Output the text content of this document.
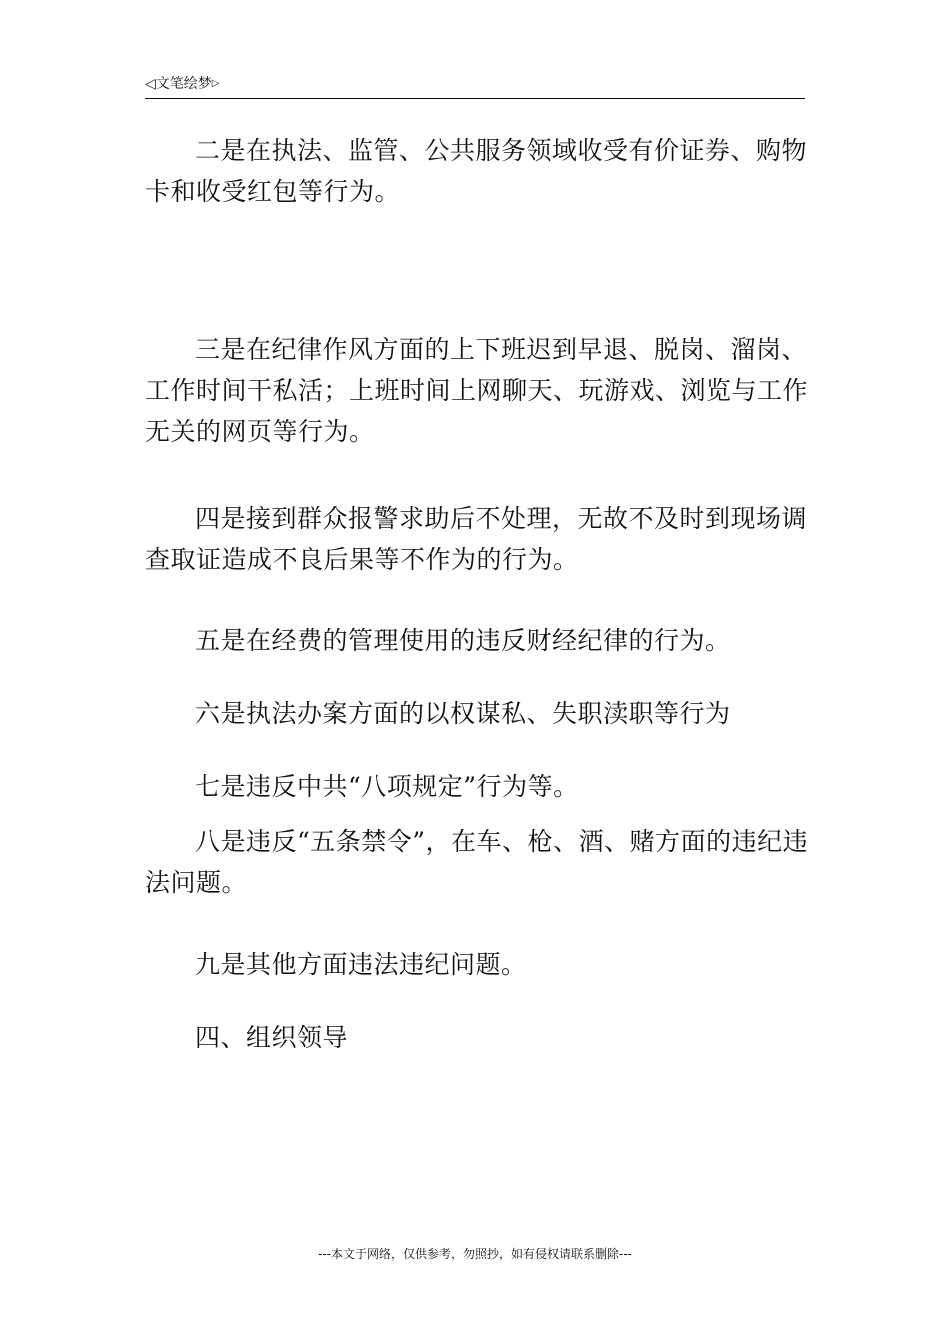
◁文笔绘梦▷

二是在执法、监管、公共服务领域收受有价证券、购物卡和收受红包等行为。

三是在纪律作风方面的上下班迟到早退、脱岗、溜岗、工作时间干私活；上班时间上网聊天、玩游戏、浏览与工作无关的网页等行为。

四是接到群众报警求助后不处理，无故不及时到现场调查取证造成不良后果等不作为的行为。

五是在经费的管理使用的违反财经纪律的行为。

六是执法办案方面的以权谋私、失职渎职等行为

七是违反中共“八项规定”行为等。

八是违反“五条禁令”，在车、枪、酒、赌方面的违纪违法问题。

九是其他方面违法违纪问题。

四、组织领导

---本文于网络，仅供参考，勿照抄，如有侵权请联系删除---
